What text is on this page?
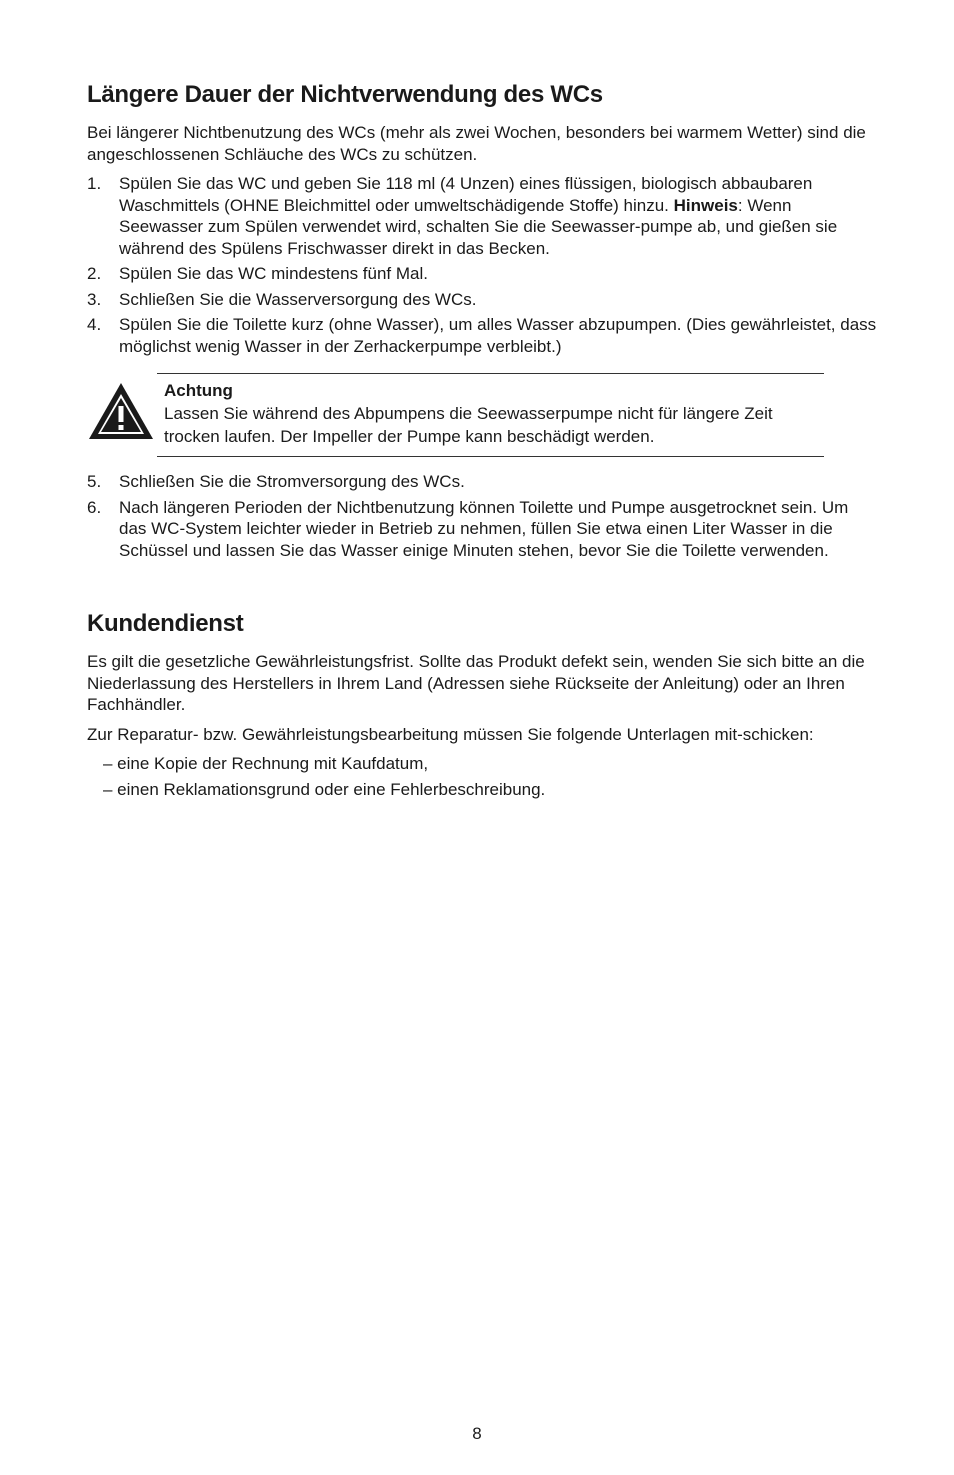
Längere Dauer der Nichtverwendung des WCs

Bei längerer Nichtbenutzung des WCs (mehr als zwei Wochen, besonders bei warmem Wetter) sind die angeschlossenen Schläuche des WCs zu schützen.

1. Spülen Sie das WC und geben Sie 118 ml (4 Unzen) eines flüssigen, biologisch abbaubaren Waschmittels (OHNE Bleichmittel oder umweltschädigende Stoffe) hinzu. Hinweis: Wenn Seewasser zum Spülen verwendet wird, schalten Sie die Seewasser-pumpe ab, und gießen sie während des Spülens Frischwasser direkt in das Becken.
2. Spülen Sie das WC mindestens fünf Mal.
3. Schließen Sie die Wasserversorgung des WCs.
4. Spülen Sie die Toilette kurz (ohne Wasser), um alles Wasser abzupumpen. (Dies gewährleistet, dass möglichst wenig Wasser in der Zerhackerpumpe verbleibt.)
Achtung
Lassen Sie während des Abpumpens die Seewasserpumpe nicht für längere Zeit trocken laufen. Der Impeller der Pumpe kann beschädigt werden.
5. Schließen Sie die Stromversorgung des WCs.
6. Nach längeren Perioden der Nichtbenutzung können Toilette und Pumpe ausgetrocknet sein. Um das WC-System leichter wieder in Betrieb zu nehmen, füllen Sie etwa einen Liter Wasser in die Schüssel und lassen Sie das Wasser einige Minuten stehen, bevor Sie die Toilette verwenden.
Kundendienst

Es gilt die gesetzliche Gewährleistungsfrist. Sollte das Produkt defekt sein, wenden Sie sich bitte an die Niederlassung des Herstellers in Ihrem Land (Adressen siehe Rückseite der Anleitung) oder an Ihren Fachhändler.

Zur Reparatur- bzw. Gewährleistungsbearbeitung müssen Sie folgende Unterlagen mit-schicken:

– eine Kopie der Rechnung mit Kaufdatum,
– einen Reklamationsgrund oder eine Fehlerbeschreibung.
8
